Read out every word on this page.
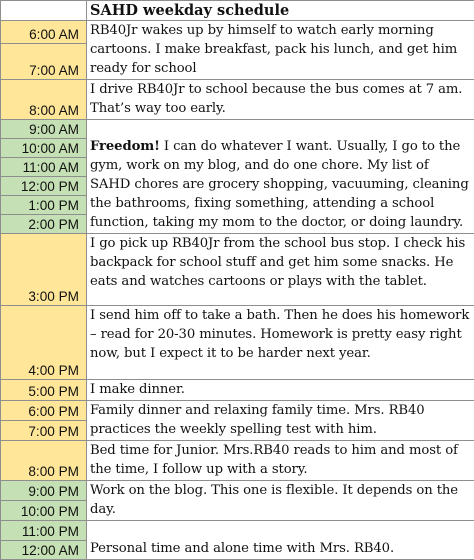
	SAHD weekday schedule
6:00 AM	RB40Jr wakes up by himself to watch early morning cartoons. I make breakfast, pack his lunch, and get him ready for school
7:00 AM	
8:00 AM	I drive RB40Jr to school because the bus comes at 7 am. That’s way too early.
9:00 AM	Freedom! I can do whatever I want. Usually, I go to the gym, work on my blog, and do one chore. My list of SAHD chores are grocery shopping, vacuuming, cleaning the bathrooms, fixing something, attending a school function, taking my mom to the doctor, or doing laundry.
10:00 AM	
11:00 AM	
12:00 PM	
1:00 PM	
2:00 PM	
3:00 PM	I go pick up RB40Jr from the school bus stop. I check his backpack for school stuff and get him some snacks. He eats and watches cartoons or plays with the tablet.
4:00 PM	I send him off to take a bath. Then he does his homework – read for 20-30 minutes. Homework is pretty easy right now, but I expect it to be harder next year.
5:00 PM	I make dinner.
6:00 PM	Family dinner and relaxing family time. Mrs. RB40 practices the weekly spelling test with him.
7:00 PM	
8:00 PM	Bed time for Junior. Mrs.RB40 reads to him and most of the time, I follow up with a story.
9:00 PM	Work on the blog. This one is flexible. It depends on the day.
10:00 PM	
11:00 PM	Personal time and alone time with Mrs. RB40.
12:00 AM	
